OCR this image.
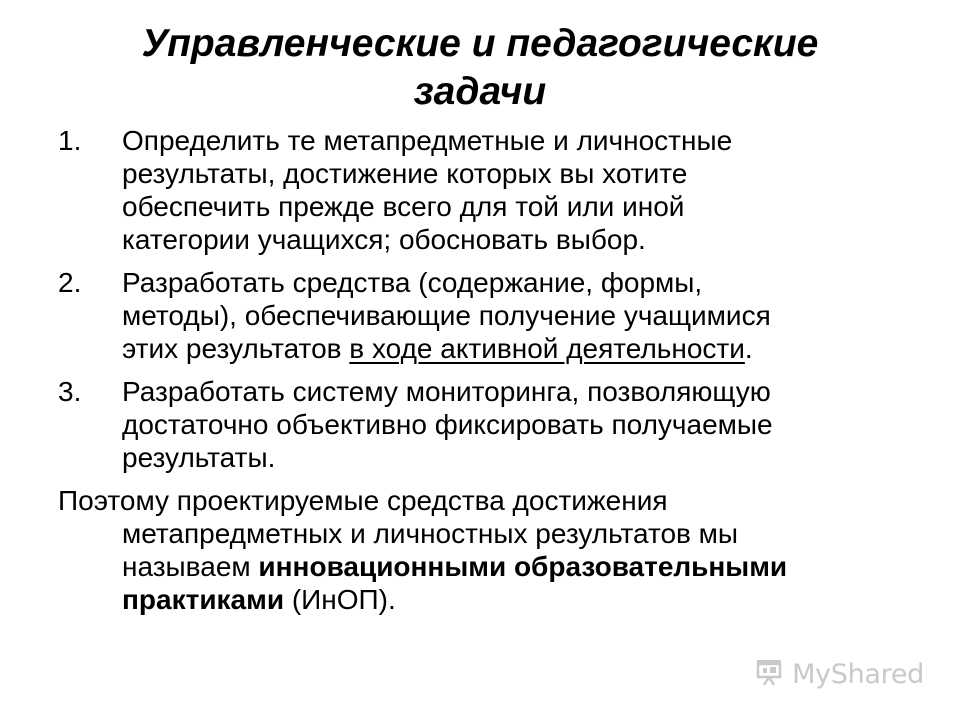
Управленческие и педагогические
задачи
1.	Определить те метапредметные и личностные
результаты, достижение которых вы хотите
обеспечить прежде всего для той или иной
категории учащихся; обосновать выбор.
2.	Разработать средства (содержание, формы,
методы), обеспечивающие получение учащимися
этих результатов в ходе активной деятельности.
3.	Разработать систему мониторинга, позволяющую
достаточно объективно фиксировать получаемые
результаты.
Поэтому проектируемые средства достижения
метапредметных и личностных результатов мы
называем инновационными образовательными
практиками (ИнОП).
MyShared
